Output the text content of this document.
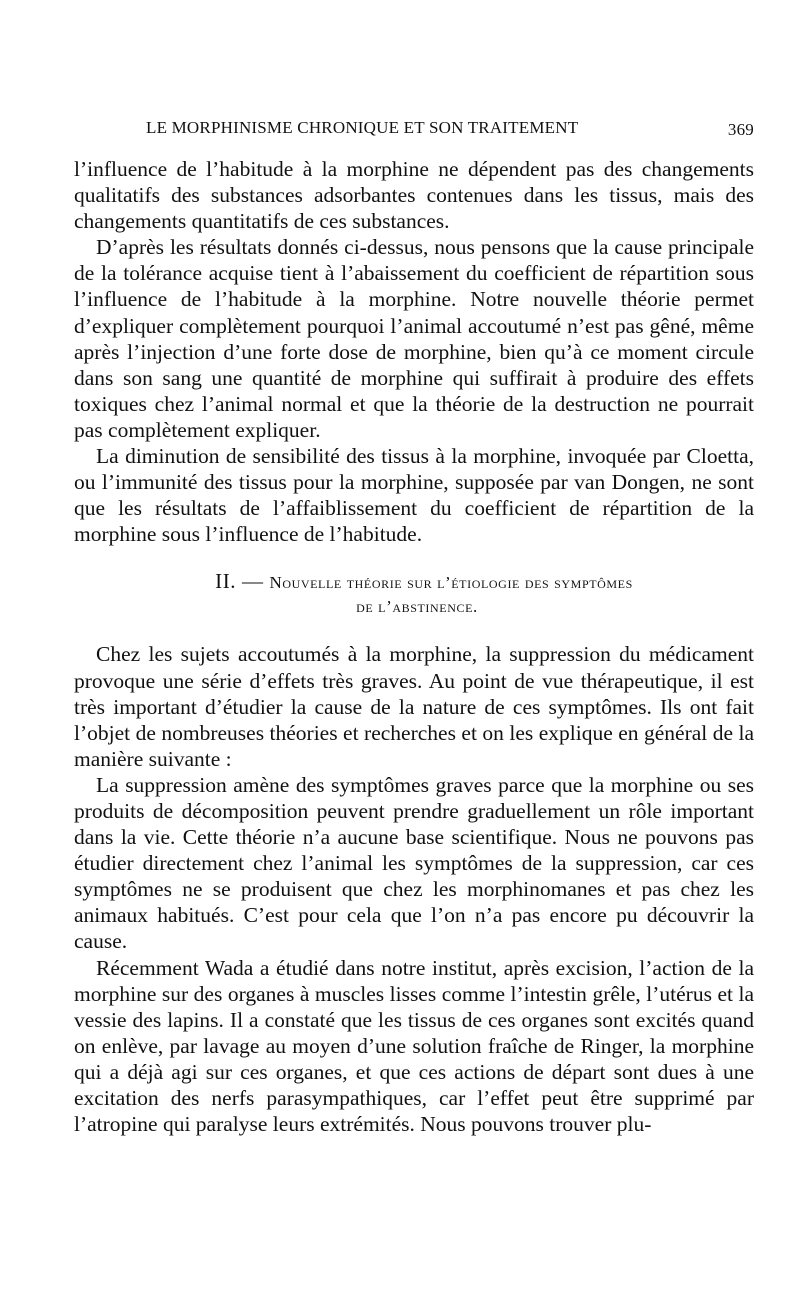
LE MORPHINISME CHRONIQUE ET SON TRAITEMENT	369

l’influence de l’habitude à la morphine ne dépendent pas des changements qualitatifs des substances adsorbantes contenues dans les tissus, mais des changements quantitatifs de ces substances.

D’après les résultats donnés ci-dessus, nous pensons que la cause principale de la tolérance acquise tient à l’abaissement du coefficient de répartition sous l’influence de l’habitude à la morphine. Notre nouvelle théorie permet d’expliquer complètement pourquoi l’animal accoutumé n’est pas gêné, même après l’injection d’une forte dose de morphine, bien qu’à ce moment circule dans son sang une quantité de morphine qui suffirait à produire des effets toxiques chez l’animal normal et que la théorie de la destruction ne pourrait pas complètement expliquer.

La diminution de sensibilité des tissus à la morphine, invoquée par Cloetta, ou l’immunité des tissus pour la morphine, supposée par van Dongen, ne sont que les résultats de l’affaiblissement du coefficient de répartition de la morphine sous l’influence de l’habitude.

II. — Nouvelle théorie sur l’étiologie des symptômes
de l’abstinence.

Chez les sujets accoutumés à la morphine, la suppression du médicament provoque une série d’effets très graves. Au point de vue thérapeutique, il est très important d’étudier la cause de la nature de ces symptômes. Ils ont fait l’objet de nombreuses théories et recherches et on les explique en général de la manière suivante :

La suppression amène des symptômes graves parce que la morphine ou ses produits de décomposition peuvent prendre graduellement un rôle important dans la vie. Cette théorie n’a aucune base scientifique. Nous ne pouvons pas étudier directement chez l’animal les symptômes de la suppression, car ces symptômes ne se produisent que chez les morphinomanes et pas chez les animaux habitués. C’est pour cela que l’on n’a pas encore pu découvrir la cause.

Récemment Wada a étudié dans notre institut, après excision, l’action de la morphine sur des organes à muscles lisses comme l’intestin grêle, l’utérus et la vessie des lapins. Il a constaté que les tissus de ces organes sont excités quand on enlève, par lavage au moyen d’une solution fraîche de Ringer, la morphine qui a déjà agi sur ces organes, et que ces actions de départ sont dues à une excitation des nerfs parasympathiques, car l’effet peut être supprimé par l’atropine qui paralyse leurs extrémités. Nous pouvons trouver plu-
